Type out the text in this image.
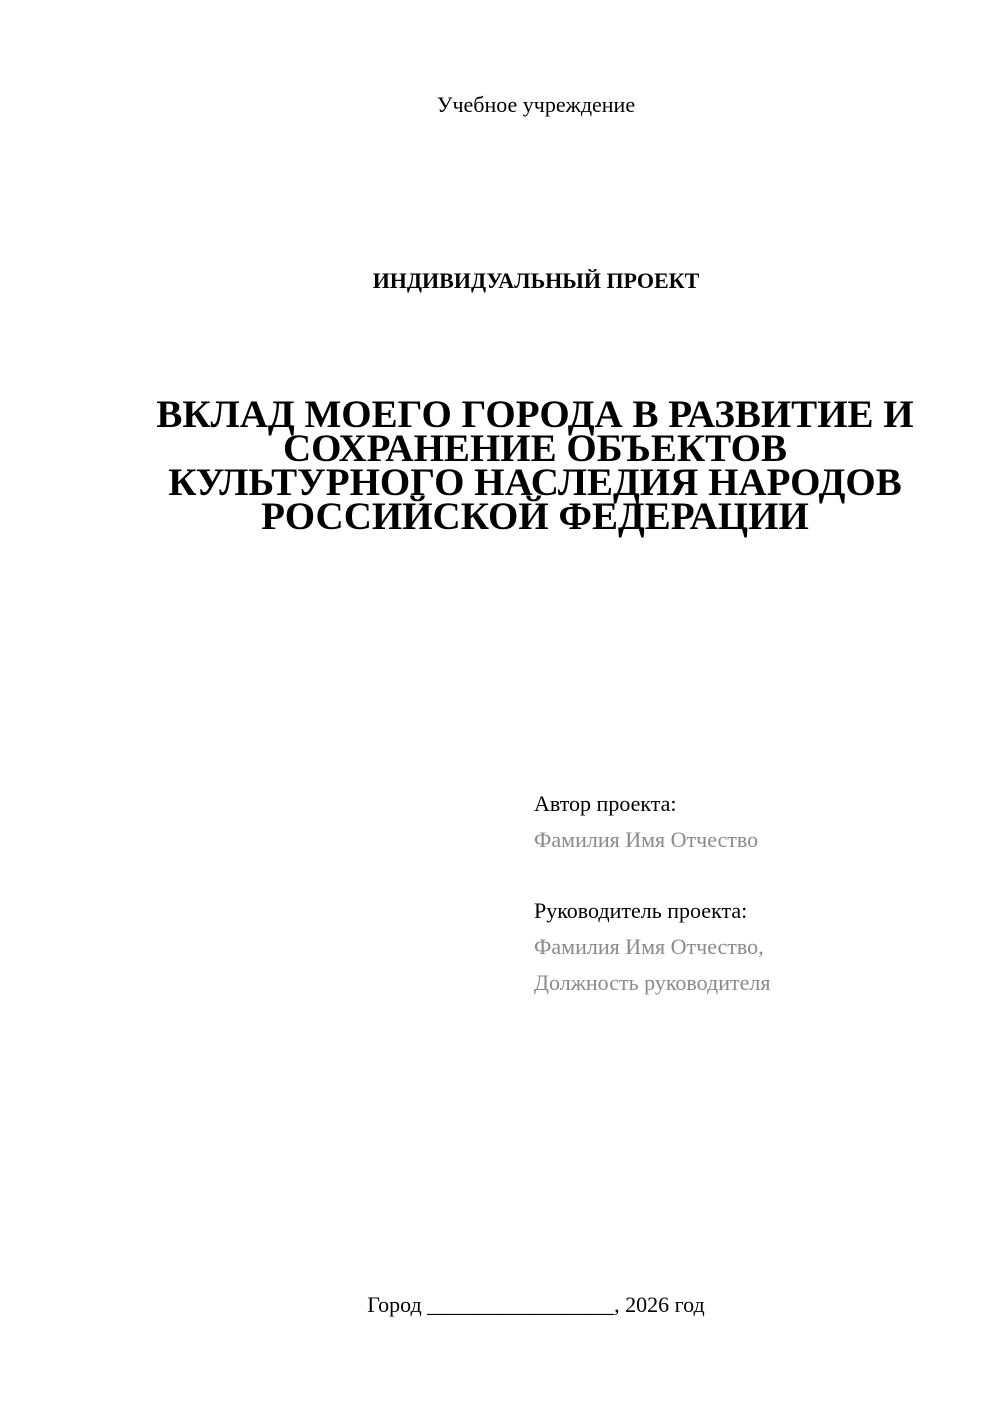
Учебное учреждение
ИНДИВИДУАЛЬНЫЙ ПРОЕКТ
ВКЛАД МОЕГО ГОРОДА В РАЗВИТИЕ И
СОХРАНЕНИЕ ОБЪЕКТОВ
КУЛЬТУРНОГО НАСЛЕДИЯ НАРОДОВ
РОССИЙСКОЙ ФЕДЕРАЦИИ
Автор проекта:
Фамилия Имя Отчество
Руководитель проекта:
Фамилия Имя Отчество,
Должность руководителя
Город _________________, 2026 год
